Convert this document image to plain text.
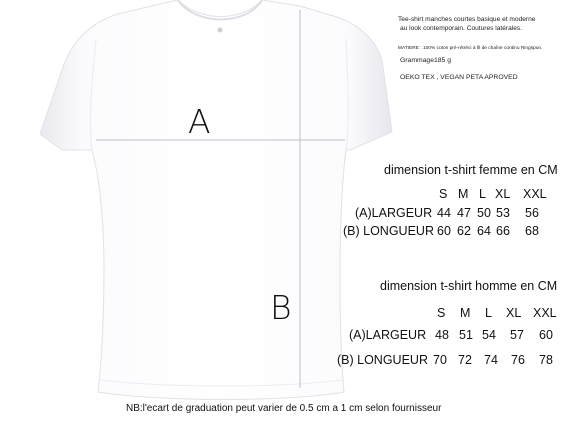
Tee-shirt manches courtes basique et moderne
au look contemporain. Coutures latérales.
MATIERE : 100% coton pré-rétréci à fil de chaîne continu Ringspun.
Grammage185 g
OEKO TEX , VEGAN PETA APROVED
A
B
dimension t-shirt femme en CM
S M L XL XXL
(A)LARGEUR 44 47 50 53 56
(B) LONGUEUR 60 62 64 66 68
dimension t-shirt homme en CM
S M L XL XXL
(A)LARGEUR 48 51 54 57 60
(B) LONGUEUR 70 72 74 76 78
NB:l'ecart de graduation peut varier de 0.5 cm a 1 cm selon fournisseur
